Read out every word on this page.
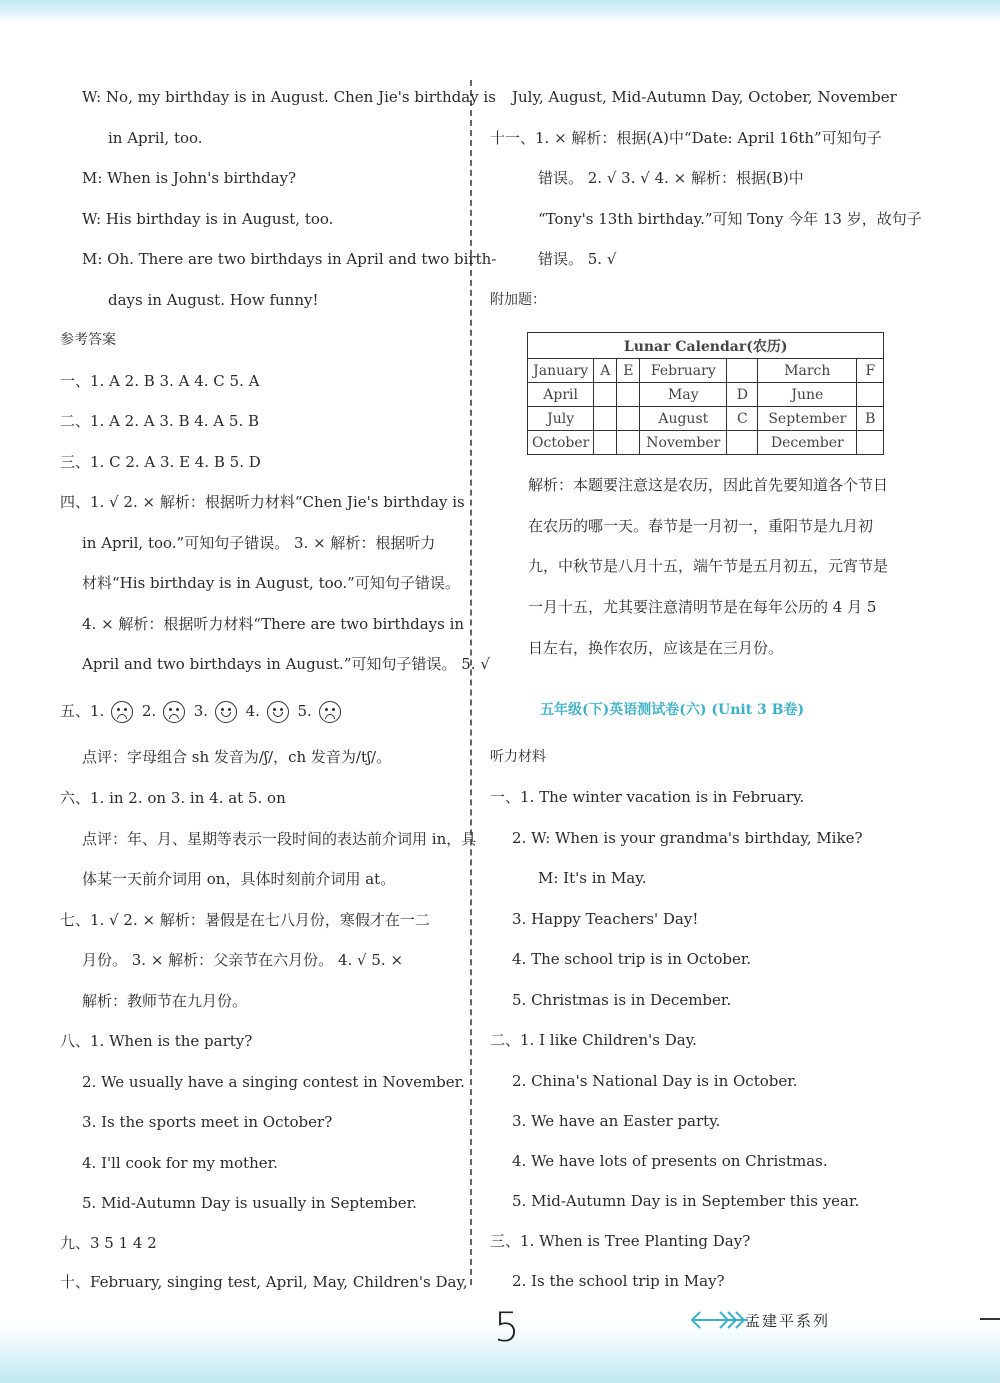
W: No, my birthday is in August. Chen Jie's birthday is
in April, too.
M: When is John's birthday?
W: His birthday is in August, too.
M: Oh. There are two birthdays in April and two birth-
days in August. How funny!
参考答案
一、1. A 2. B 3. A 4. C 5. A
二、1. A 2. A 3. B 4. A 5. B
三、1. C 2. A 3. E 4. B 5. D
四、1. √ 2. × 解析：根据听力材料“Chen Jie's birthday is
in April, too.”可知句子错误。 3. × 解析：根据听力
材料“His birthday is in August, too.”可知句子错误。
4. × 解析：根据听力材料“There are two birthdays in
April and two birthdays in August.”可知句子错误。 5. √
五、1.	2.	3.	4.	5.
点评：字母组合 sh 发音为/ʃ/，ch 发音为/tʃ/。
六、1. in 2. on 3. in 4. at 5. on
点评：年、月、星期等表示一段时间的表达前介词用 in，具
体某一天前介词用 on，具体时刻前介词用 at。
七、1. √ 2. × 解析：暑假是在七八月份，寒假才在一二
月份。 3. × 解析：父亲节在六月份。 4. √ 5. ×
解析：教师节在九月份。
八、1. When is the party?
2. We usually have a singing contest in November.
3. Is the sports meet in October?
4. I'll cook for my mother.
5. Mid-Autumn Day is usually in September.
九、3 5 1 4 2
十、February, singing test, April, May, Children's Day,
July, August, Mid-Autumn Day, October, November
十一、1. × 解析：根据(A)中“Date: April 16th”可知句子
错误。 2. √ 3. √ 4. × 解析：根据(B)中
“Tony's 13th birthday.”可知 Tony 今年 13 岁，故句子
错误。 5. √
附加题：
Lunar Calendar(农历)						
January	A	E	February		March	F
April			May	D	June	
July			August	C	September	B
October			November		December	
解析：本题要注意这是农历，因此首先要知道各个节日
在农历的哪一天。春节是一月初一，重阳节是九月初
九，中秋节是八月十五，端午节是五月初五，元宵节是
一月十五，尤其要注意清明节是在每年公历的 4 月 5
日左右，换作农历，应该是在三月份。
听力材料
一、1. The winter vacation is in February.
2. W: When is your grandma's birthday, Mike?
M: It's in May.
3. Happy Teachers' Day!
4. The school trip is in October.
5. Christmas is in December.
二、1. I like Children's Day.
2. China's National Day is in October.
3. We have an Easter party.
4. We have lots of presents on Christmas.
5. Mid-Autumn Day is in September this year.
三、1. When is Tree Planting Day?
2. Is the school trip in May?
五年级(下)英语测试卷(六) (Unit 3 B卷)
孟建平系列
5
